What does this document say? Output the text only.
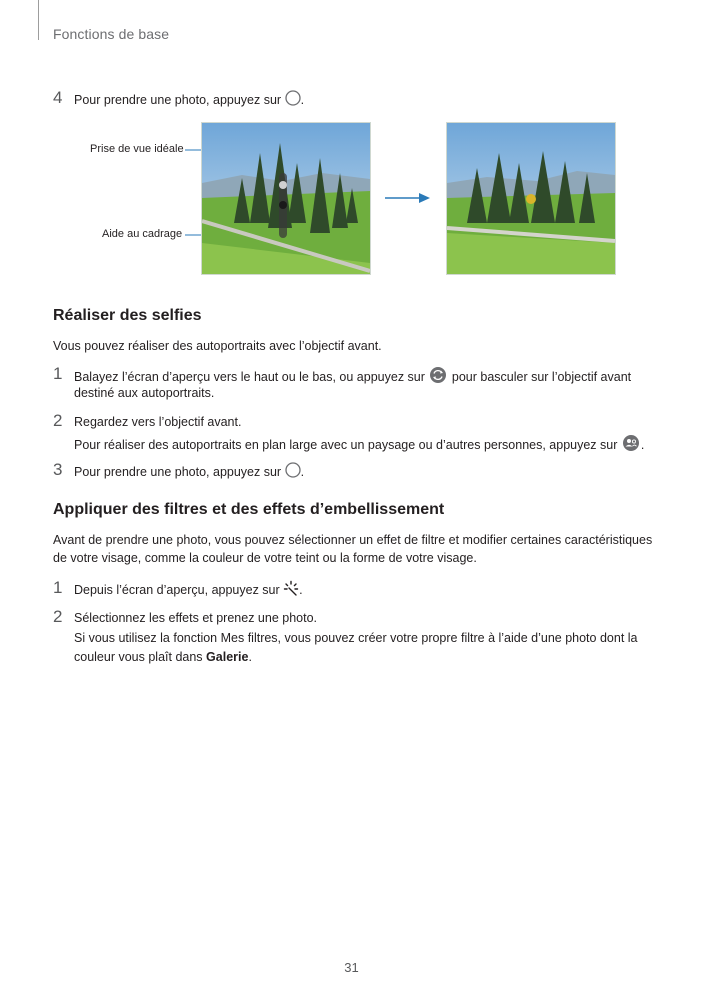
Fonctions de base
4 Pour prendre une photo, appuyez sur .
Prise de vue idéale
Aide au cadrage
Réaliser des selfies
Vous pouvez réaliser des autoportraits avec l’objectif avant.
1 Balayez l’écran d’aperçu vers le haut ou le bas, ou appuyez sur pour basculer sur l’objectif avant
destiné aux autoportraits.
2 Regardez vers l’objectif avant.
Pour réaliser des autoportraits en plan large avec un paysage ou d’autres personnes, appuyez sur .
3 Pour prendre une photo, appuyez sur .
Appliquer des filtres et des effets d’embellissement
Avant de prendre une photo, vous pouvez sélectionner un effet de filtre et modifier certaines caractéristiques
de votre visage, comme la couleur de votre teint ou la forme de votre visage.
1 Depuis l’écran d’aperçu, appuyez sur .
2 Sélectionnez les effets et prenez une photo.
Si vous utilisez la fonction Mes filtres, vous pouvez créer votre propre filtre à l’aide d’une photo dont la
couleur vous plaît dans Galerie.
31
